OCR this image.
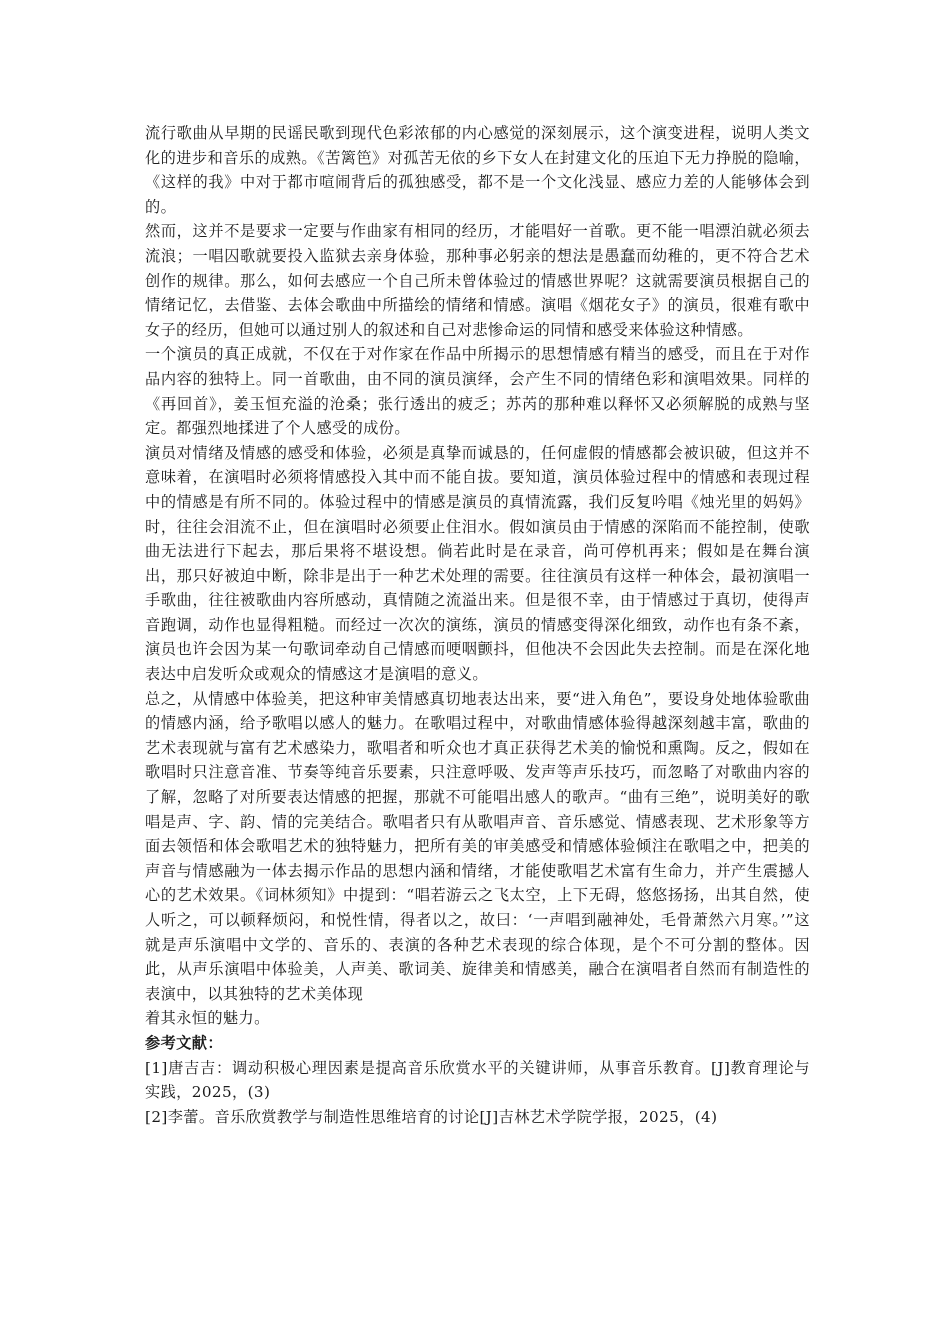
流行歌曲从早期的民谣民歌到现代色彩浓郁的内心感觉的深刻展示，这个演变进程，说明人类文化的进步和音乐的成熟。《苦篱笆》对孤苦无依的乡下女人在封建文化的压迫下无力挣脱的隐喻，《这样的我》中对于都市喧闹背后的孤独感受，都不是一个文化浅显、感应力差的人能够体会到的。

然而，这并不是要求一定要与作曲家有相同的经历，才能唱好一首歌。更不能一唱漂泊就必须去流浪；一唱囚歌就要投入监狱去亲身体验，那种事必躬亲的想法是愚蠢而幼稚的，更不符合艺术创作的规律。那么，如何去感应一个自己所未曾体验过的情感世界呢？这就需要演员根据自己的情绪记忆，去借鉴、去体会歌曲中所描绘的情绪和情感。演唱《烟花女子》的演员，很难有歌中女子的经历，但她可以通过别人的叙述和自己对悲惨命运的同情和感受来体验这种情感。

一个演员的真正成就，不仅在于对作家在作品中所揭示的思想情感有精当的感受，而且在于对作品内容的独特上。同一首歌曲，由不同的演员演绎，会产生不同的情绪色彩和演唱效果。同样的《再回首》，姜玉恒充溢的沧桑；张行透出的疲乏；苏芮的那种难以释怀又必须解脱的成熟与坚定。都强烈地揉进了个人感受的成份。

演员对情绪及情感的感受和体验，必须是真挚而诚恳的，任何虚假的情感都会被识破，但这并不意味着，在演唱时必须将情感投入其中而不能自拔。要知道，演员体验过程中的情感和表现过程中的情感是有所不同的。体验过程中的情感是演员的真情流露，我们反复吟唱《烛光里的妈妈》时，往往会泪流不止，但在演唱时必须要止住泪水。假如演员由于情感的深陷而不能控制，使歌曲无法进行下起去，那后果将不堪设想。倘若此时是在录音，尚可停机再来；假如是在舞台演出，那只好被迫中断，除非是出于一种艺术处理的需要。往往演员有这样一种体会，最初演唱一手歌曲，往往被歌曲内容所感动，真情随之流溢出来。但是很不幸，由于情感过于真切，使得声音跑调，动作也显得粗糙。而经过一次次的演练，演员的情感变得深化细致，动作也有条不紊，演员也许会因为某一句歌词牵动自己情感而哽咽颤抖，但他决不会因此失去控制。而是在深化地表达中启发听众或观众的情感这才是演唱的意义。

总之，从情感中体验美，把这种审美情感真切地表达出来，要“进入角色”，要设身处地体验歌曲的情感内涵，给予歌唱以感人的魅力。在歌唱过程中，对歌曲情感体验得越深刻越丰富，歌曲的艺术表现就与富有艺术感染力，歌唱者和听众也才真正获得艺术美的愉悦和熏陶。反之，假如在歌唱时只注意音准、节奏等纯音乐要素，只注意呼吸、发声等声乐技巧，而忽略了对歌曲内容的了解，忽略了对所要表达情感的把握，那就不可能唱出感人的歌声。“曲有三绝”，说明美好的歌唱是声、字、韵、情的完美结合。歌唱者只有从歌唱声音、音乐感觉、情感表现、艺术形象等方面去领悟和体会歌唱艺术的独特魅力，把所有美的审美感受和情感体验倾注在歌唱之中，把美的声音与情感融为一体去揭示作品的思想内涵和情绪，才能使歌唱艺术富有生命力，并产生震撼人心的艺术效果。《词林须知》中提到：“唱若游云之飞太空，上下无碍，悠悠扬扬，出其自然，使人听之，可以顿释烦闷，和悦性情，得者以之，故曰：‘一声唱到融神处，毛骨萧然六月寒。’”这就是声乐演唱中文学的、音乐的、表演的各种艺术表现的综合体现，是个不可分割的整体。因此，从声乐演唱中体验美，人声美、歌词美、旋律美和情感美，融合在演唱者自然而有制造性的表演中，以其独特的艺术美体现

着其永恒的魅力。

参考文献：

[1]唐吉吉：调动积极心理因素是提高音乐欣赏水平的关键讲师，从事音乐教育。[J]教育理论与实践，2025，(3)

[2]李蕾。音乐欣赏教学与制造性思维培育的讨论[J]吉林艺术学院学报，2025，(4)
